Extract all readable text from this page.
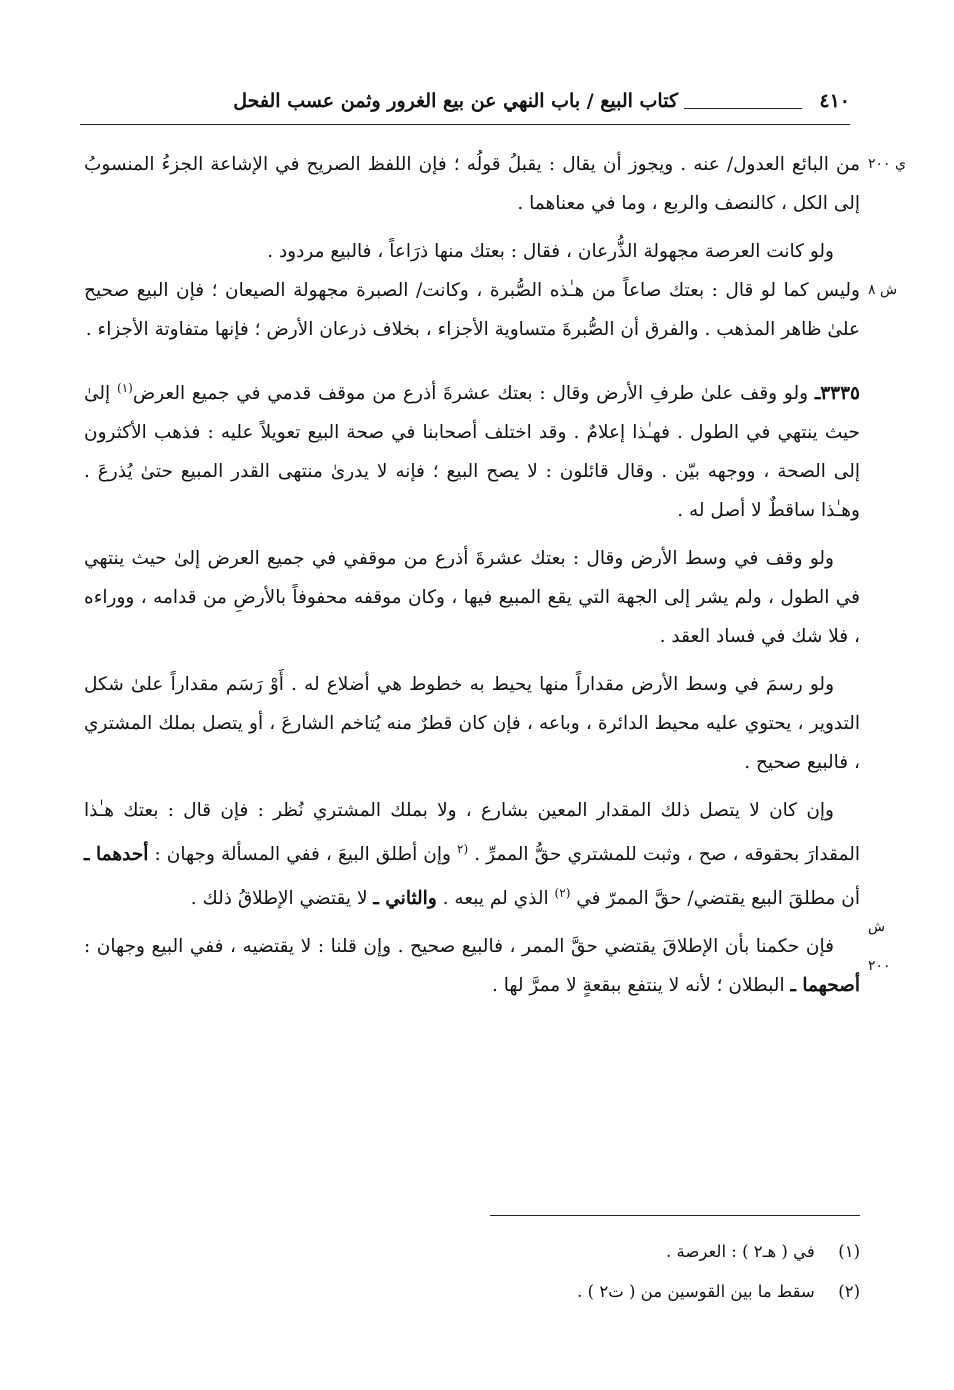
٤١٠
كتاب البيع / باب النهي عن بيع الغرور وثمن عسب الفحل

ي ٢٠٠
من البائع العدول/ عنه . ويجوز أن يقال : يقبلُ قولُه ؛ فإن اللفظ الصريح في الإشاعة الجزءُ المنسوبُ إلى الكل ، كالنصف والربع ، وما في معناهما .

ولو كانت العرصة مجهولة الذُّرعان ، فقال : بعتك منها ذرَاعاً ، فالبيع مردود .

ش ٨
وليس كما لو قال : بعتك صاعاً من هـٰذه الصُّبرة ، وكانت/ الصبرة مجهولة الصيعان ؛ فإن البيع صحيح علىٰ ظاهر المذهب . والفرق أن الصُّبرةَ متساوية الأجزاء ، بخلاف ذرعان الأرض ؛ فإنها متفاوتة الأجزاء .

٣٣٣٥ـ ولو وقف علىٰ طرفِ الأرض وقال : بعتك عشرةَ أذرع من موقف قدمي في جميع العرض$^{(١)}$ إلىٰ حيث ينتهي في الطول . فهـٰذا إعلامٌ . وقد اختلف أصحابنا في صحة البيع تعويلاً عليه : فذهب الأكثرون إلى الصحة ، ووجهه بيّن . وقال قائلون : لا يصح البيع ؛ فإنه لا يدرىٰ منتهى القدر المبيع حتىٰ يُذرعَ . وهـٰذا ساقطٌ لا أصل له .

ولو وقف في وسط الأرض وقال : بعتك عشرةَ أذرع من موقفي في جميع العرض إلىٰ حيث ينتهي في الطول ، ولم يشر إلى الجهة التي يقع المبيع فيها ، وكان موقفه محفوفاً بالأرضِ من قدامه ، ووراءه ، فلا شك في فساد العقد .

ولو رسمَ في وسط الأرض مقداراً منها يحيط به خطوط هي أضلاع له . أَوْ رَسَم مقداراً علىٰ شكل التدوير ، يحتوي عليه محيط الدائرة ، وباعه ، فإن كان قطرٌ منه يُتاخم الشارعَ ، أو يتصل بملك المشتري ، فالبيع صحيح .

ش ٢٠٠
وإن كان لا يتصل ذلك المقدار المعين بشارع ، ولا بملك المشتري نُظر : فإن قال : بعتك هـٰذا المقدارَ بحقوقه ، صح ، وثبت للمشتري حقُّ الممرِّ . $^{(٢}$ وإن أطلق البيعَ ، ففي المسألة وجهان : أحدهما ـ أن مطلقَ البيع يقتضي/ حقَّ الممرّ في $^{(٢)}$ الذي لم يبعه . والثاني ـ لا يقتضي الإطلاقُ ذلك .

فإن حكمنا بأن الإطلاقَ يقتضي حقَّ الممر ، فالبيع صحيح . وإن قلنا : لا يقتضيه ، ففي البيع وجهان : أصحهما ـ البطلان ؛ لأنه لا ينتفع ببقعةٍ لا ممرَّ لها .

(١) في ( هـ٢ ) : العرصة .
(٢) سقط ما بين القوسين من ( ت٢ ) .
